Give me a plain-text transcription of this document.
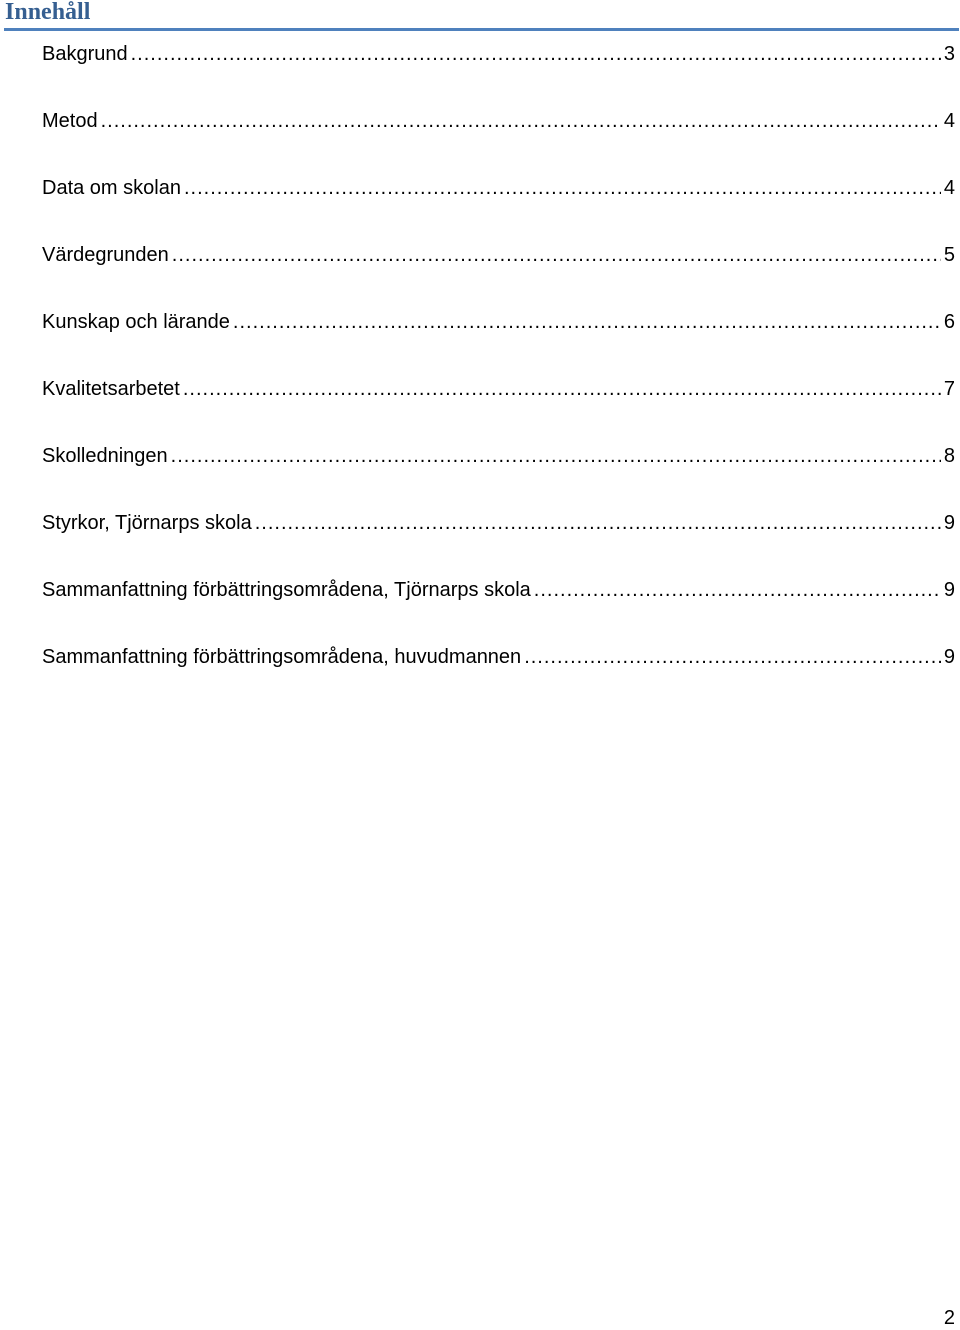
Innehåll
Bakgrund .....	3
Metod .....	4
Data om skolan .....	4
Värdegrunden .....	5
Kunskap och lärande .....	6
Kvalitetsarbetet .....	7
Skolledningen .....	8
Styrkor, Tjörnarps skola .....	9
Sammanfattning förbättringsområdena, Tjörnarps skola .....	9
Sammanfattning förbättringsområdena, huvudmannen .....	9
2
